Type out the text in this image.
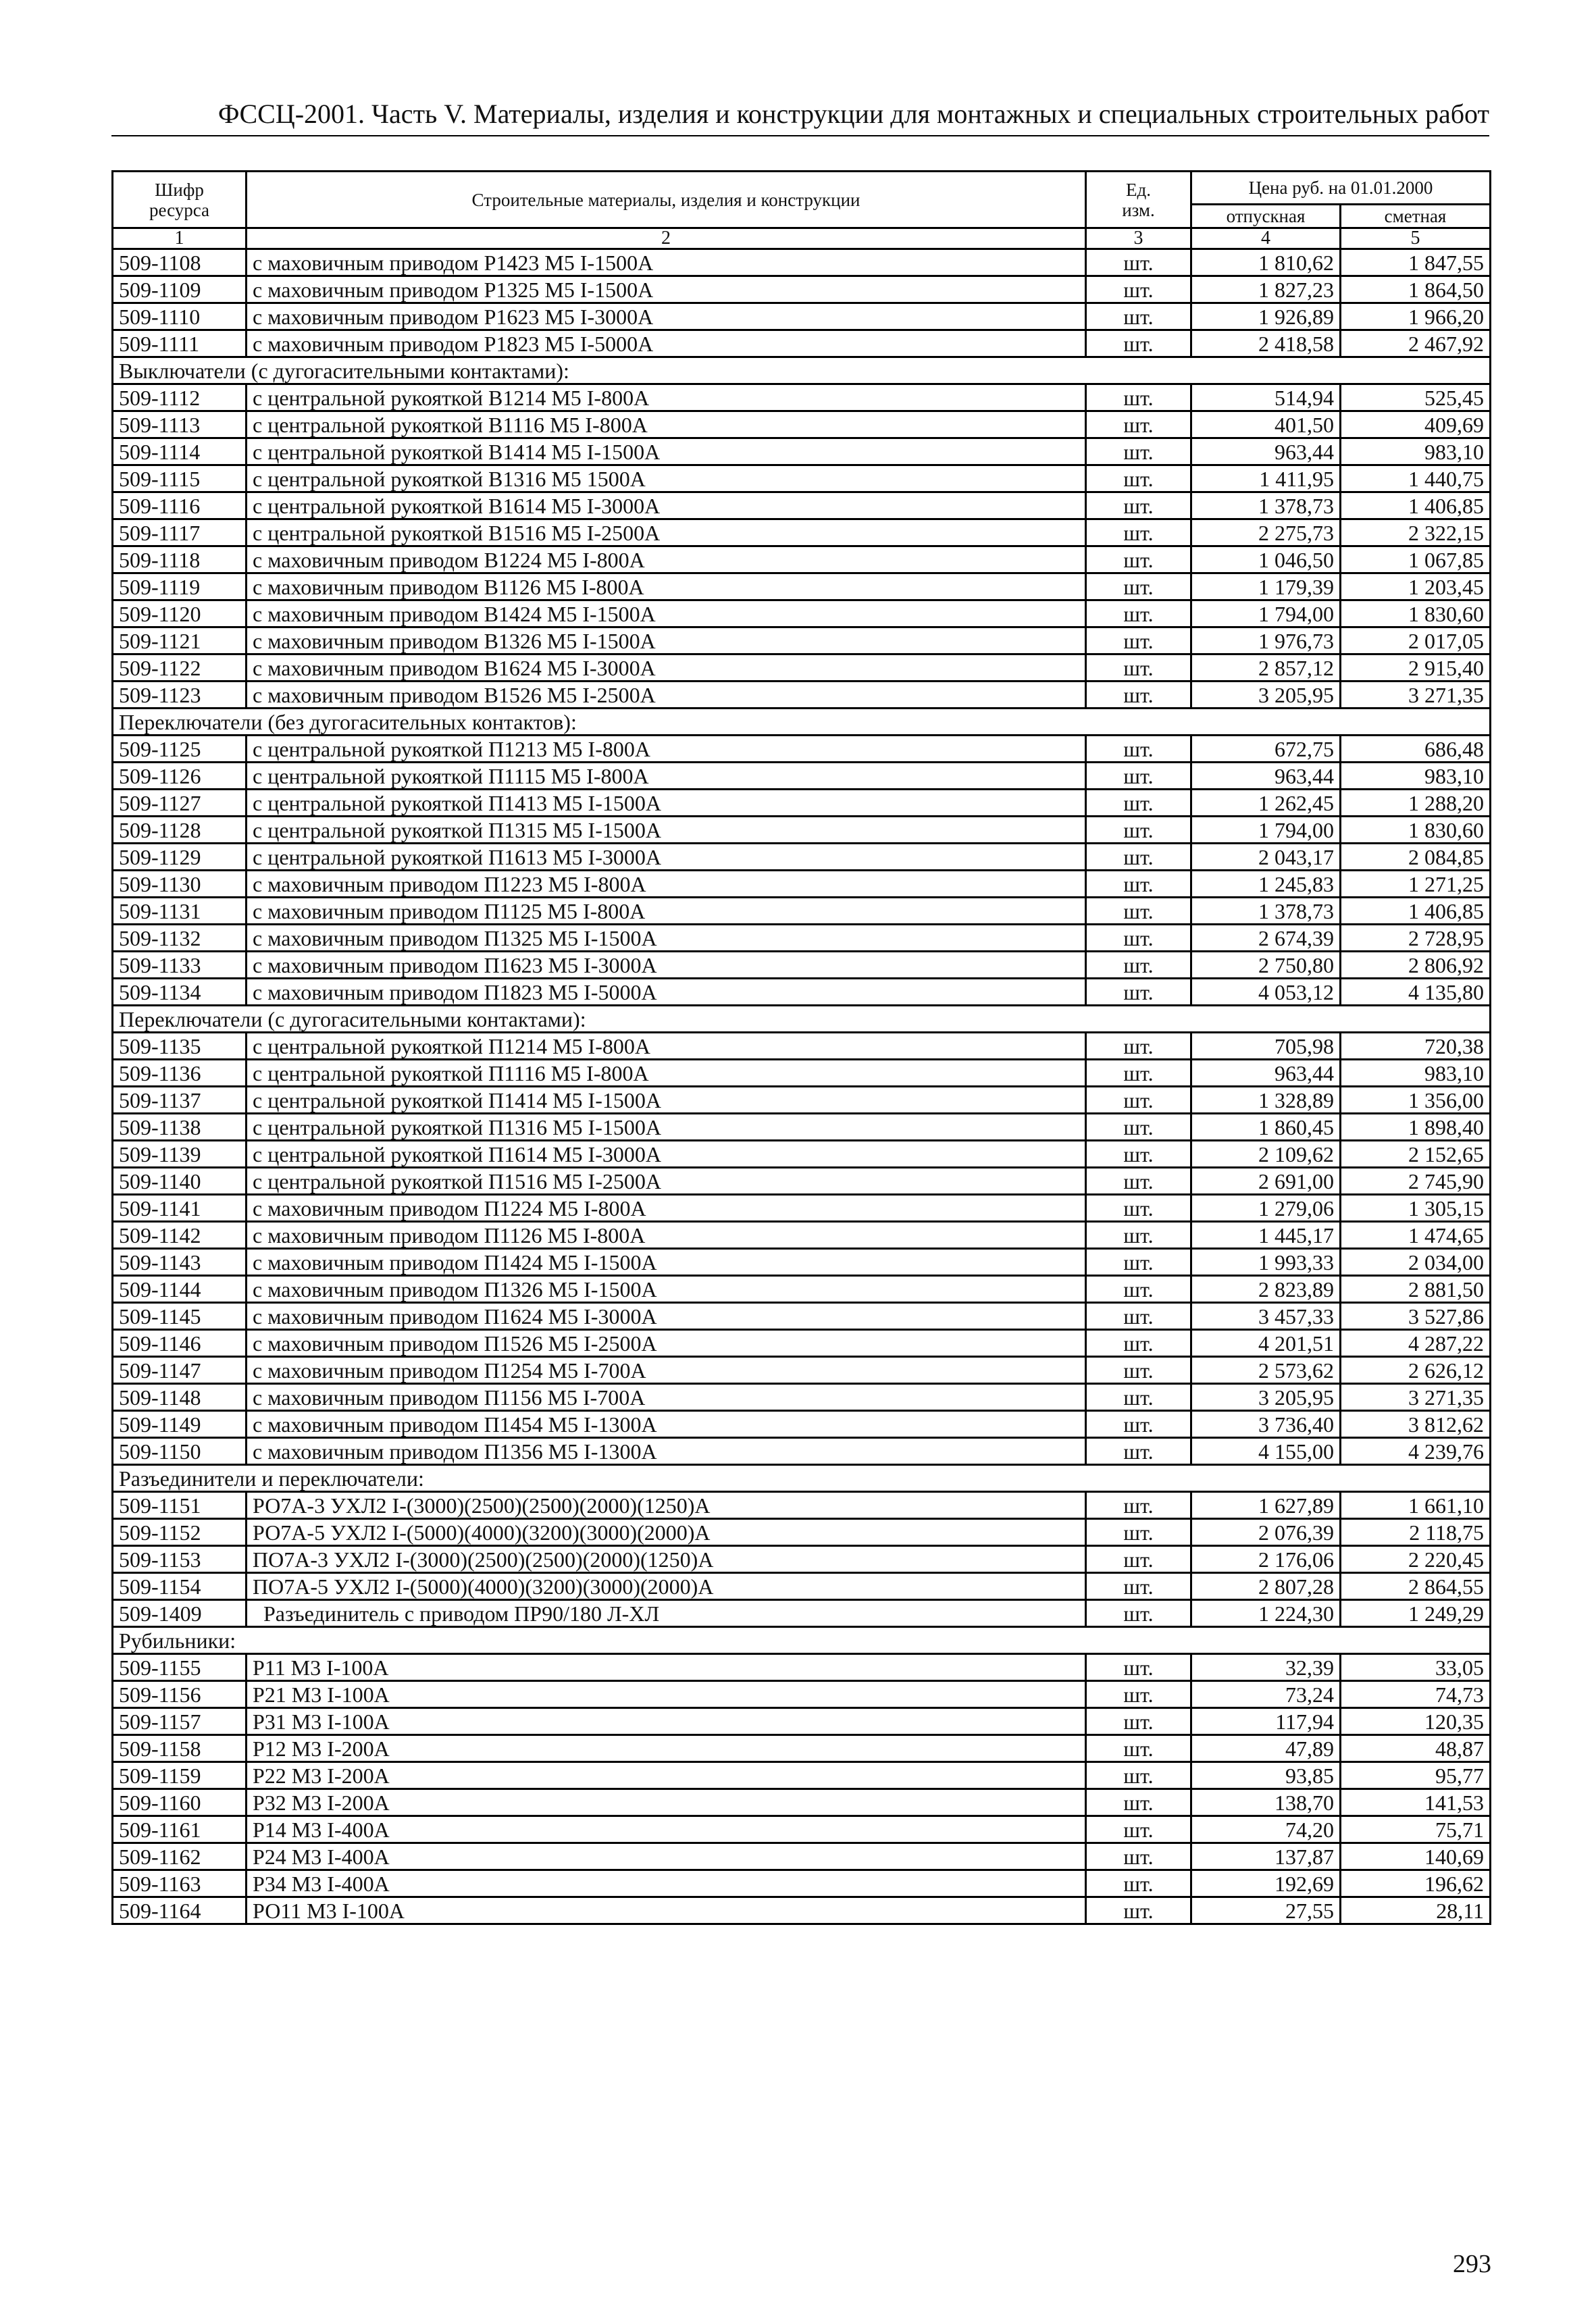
ФССЦ-2001. Часть V. Материалы, изделия и конструкции для монтажных и специальных строительных работ
Шифр
ресурса	Строительные материалы, изделия и конструкции	Ед.
изм.	Цена руб. на 01.01.2000	
			отпускная	сметная
1	2	3	4	5
509-1108	с маховичным приводом Р1423 М5 I-1500А	шт.	1 810,62	1 847,55
509-1109	с маховичным приводом Р1325 М5 I-1500А	шт.	1 827,23	1 864,50
509-1110	с маховичным приводом Р1623 М5 I-3000А	шт.	1 926,89	1 966,20
509-1111	с маховичным приводом Р1823 М5 I-5000А	шт.	2 418,58	2 467,92
Выключатели (с дугогасительными контактами):				
509-1112	с центральной рукояткой В1214 М5 I-800А	шт.	514,94	525,45
509-1113	с центральной рукояткой В1116 М5 I-800А	шт.	401,50	409,69
509-1114	с центральной рукояткой В1414 М5 I-1500А	шт.	963,44	983,10
509-1115	с центральной рукояткой В1316 М5 1500А	шт.	1 411,95	1 440,75
509-1116	с центральной рукояткой В1614 М5 I-3000А	шт.	1 378,73	1 406,85
509-1117	с центральной рукояткой В1516 М5 I-2500А	шт.	2 275,73	2 322,15
509-1118	с маховичным приводом В1224 М5 I-800А	шт.	1 046,50	1 067,85
509-1119	с маховичным приводом В1126 М5 I-800А	шт.	1 179,39	1 203,45
509-1120	с маховичным приводом В1424 М5 I-1500А	шт.	1 794,00	1 830,60
509-1121	с маховичным приводом В1326 М5 I-1500А	шт.	1 976,73	2 017,05
509-1122	с маховичным приводом В1624 М5 I-3000А	шт.	2 857,12	2 915,40
509-1123	с маховичным приводом В1526 М5 I-2500А	шт.	3 205,95	3 271,35
Переключатели (без дугогасительных контактов):				
509-1125	с центральной рукояткой П1213 М5 I-800А	шт.	672,75	686,48
509-1126	с центральной рукояткой П1115 М5 I-800А	шт.	963,44	983,10
509-1127	с центральной рукояткой П1413 М5 I-1500А	шт.	1 262,45	1 288,20
509-1128	с центральной рукояткой П1315 М5 I-1500А	шт.	1 794,00	1 830,60
509-1129	с центральной рукояткой П1613 М5 I-3000А	шт.	2 043,17	2 084,85
509-1130	с маховичным приводом П1223 М5 I-800А	шт.	1 245,83	1 271,25
509-1131	с маховичным приводом П1125 М5 I-800А	шт.	1 378,73	1 406,85
509-1132	с маховичным приводом П1325 М5 I-1500А	шт.	2 674,39	2 728,95
509-1133	с маховичным приводом П1623 М5 I-3000А	шт.	2 750,80	2 806,92
509-1134	с маховичным приводом П1823 М5 I-5000А	шт.	4 053,12	4 135,80
Переключатели (с дугогасительными контактами):				
509-1135	с центральной рукояткой П1214 М5 I-800А	шт.	705,98	720,38
509-1136	с центральной рукояткой П1116 М5 I-800А	шт.	963,44	983,10
509-1137	с центральной рукояткой П1414 М5 I-1500А	шт.	1 328,89	1 356,00
509-1138	с центральной рукояткой П1316 М5 I-1500А	шт.	1 860,45	1 898,40
509-1139	с центральной рукояткой П1614 М5 I-3000А	шт.	2 109,62	2 152,65
509-1140	с центральной рукояткой П1516 М5 I-2500А	шт.	2 691,00	2 745,90
509-1141	с маховичным приводом П1224 М5 I-800А	шт.	1 279,06	1 305,15
509-1142	с маховичным приводом П1126 М5 I-800А	шт.	1 445,17	1 474,65
509-1143	с маховичным приводом П1424 М5 I-1500А	шт.	1 993,33	2 034,00
509-1144	с маховичным приводом П1326 М5 I-1500А	шт.	2 823,89	2 881,50
509-1145	с маховичным приводом П1624 М5 I-3000А	шт.	3 457,33	3 527,86
509-1146	с маховичным приводом П1526 М5 I-2500А	шт.	4 201,51	4 287,22
509-1147	с маховичным приводом П1254 М5 I-700А	шт.	2 573,62	2 626,12
509-1148	с маховичным приводом П1156 М5 I-700А	шт.	3 205,95	3 271,35
509-1149	с маховичным приводом П1454 М5 I-1300А	шт.	3 736,40	3 812,62
509-1150	с маховичным приводом П1356 М5 I-1300А	шт.	4 155,00	4 239,76
Разъединители и переключатели:				
509-1151	РО7А-3 УХЛ2 I-(3000)(2500)(2500)(2000)(1250)А	шт.	1 627,89	1 661,10
509-1152	РО7А-5 УХЛ2 I-(5000)(4000)(3200)(3000)(2000)А	шт.	2 076,39	2 118,75
509-1153	ПО7А-3 УХЛ2 I-(3000)(2500)(2500)(2000)(1250)А	шт.	2 176,06	2 220,45
509-1154	ПО7А-5 УХЛ2 I-(5000)(4000)(3200)(3000)(2000)А	шт.	2 807,28	2 864,55
509-1409	Разъединитель с приводом ПР90/180 Л-ХЛ	шт.	1 224,30	1 249,29
Рубильники:				
509-1155	Р11 М3 I-100А	шт.	32,39	33,05
509-1156	Р21 М3 I-100А	шт.	73,24	74,73
509-1157	Р31 М3 I-100А	шт.	117,94	120,35
509-1158	Р12 М3 I-200А	шт.	47,89	48,87
509-1159	Р22 М3 I-200А	шт.	93,85	95,77
509-1160	Р32 М3 I-200А	шт.	138,70	141,53
509-1161	Р14 М3 I-400А	шт.	74,20	75,71
509-1162	Р24 М3 I-400А	шт.	137,87	140,69
509-1163	Р34 М3 I-400А	шт.	192,69	196,62
509-1164	РО11 М3 I-100А	шт.	27,55	28,11
293
